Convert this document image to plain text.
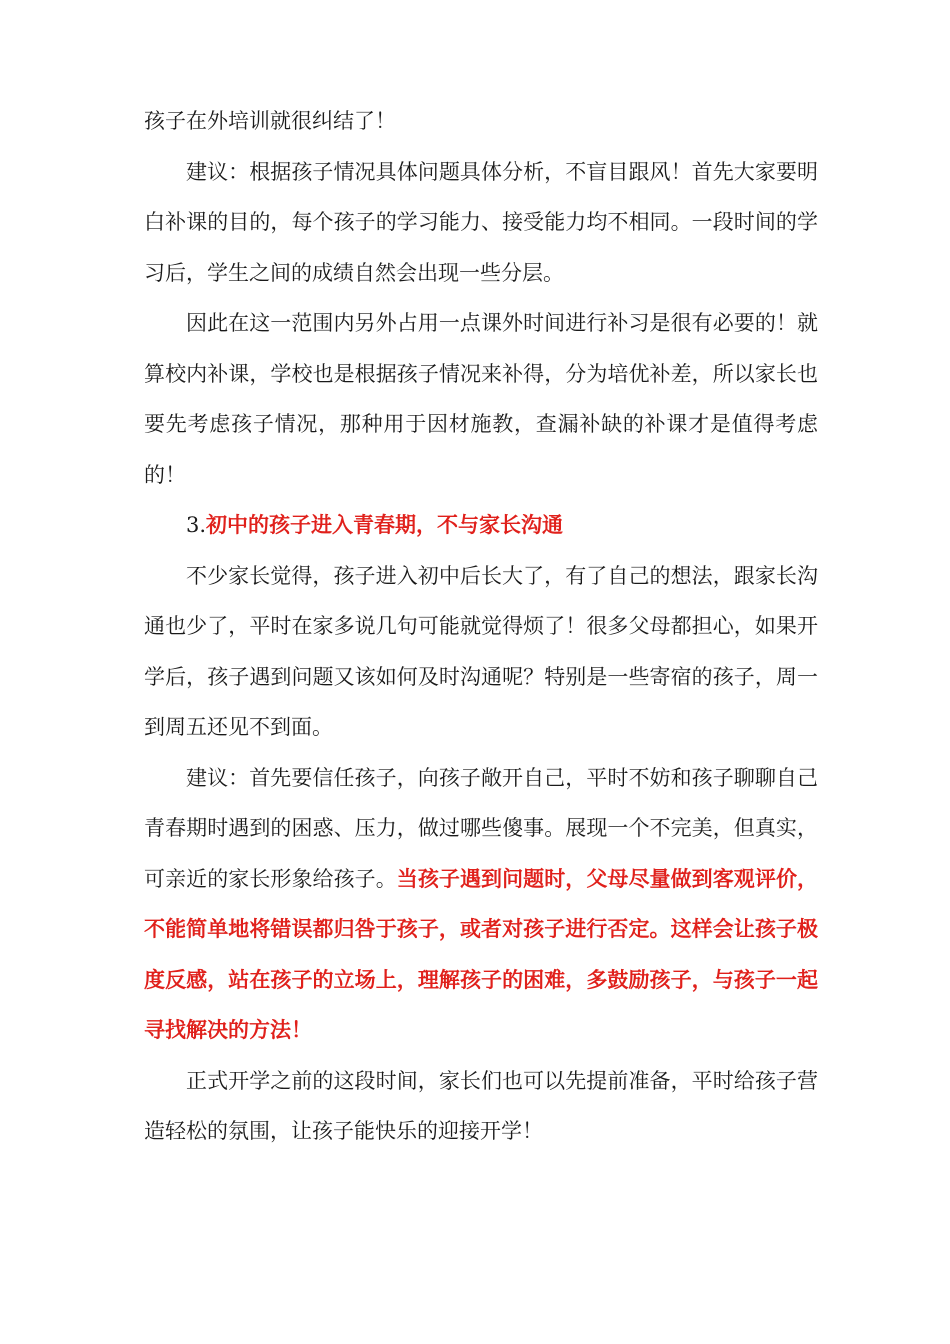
孩子在外培训就很纠结了！

建议：根据孩子情况具体问题具体分析，不盲目跟风！首先大家要明白补课的目的，每个孩子的学习能力、接受能力均不相同。一段时间的学习后，学生之间的成绩自然会出现一些分层。

因此在这一范围内另外占用一点课外时间进行补习是很有必要的！就算校内补课，学校也是根据孩子情况来补得，分为培优补差，所以家长也要先考虑孩子情况，那种用于因材施教，查漏补缺的补课才是值得考虑的！

3.初中的孩子进入青春期，不与家长沟通

不少家长觉得，孩子进入初中后长大了，有了自己的想法，跟家长沟通也少了，平时在家多说几句可能就觉得烦了！很多父母都担心，如果开学后，孩子遇到问题又该如何及时沟通呢？特别是一些寄宿的孩子，周一到周五还见不到面。

建议：首先要信任孩子，向孩子敞开自己，平时不妨和孩子聊聊自己青春期时遇到的困惑、压力，做过哪些傻事。展现一个不完美，但真实，可亲近的家长形象给孩子。当孩子遇到问题时，父母尽量做到客观评价，不能简单地将错误都归咎于孩子，或者对孩子进行否定。这样会让孩子极度反感，站在孩子的立场上，理解孩子的困难，多鼓励孩子，与孩子一起寻找解决的方法！

正式开学之前的这段时间，家长们也可以先提前准备，平时给孩子营造轻松的氛围，让孩子能快乐的迎接开学！
